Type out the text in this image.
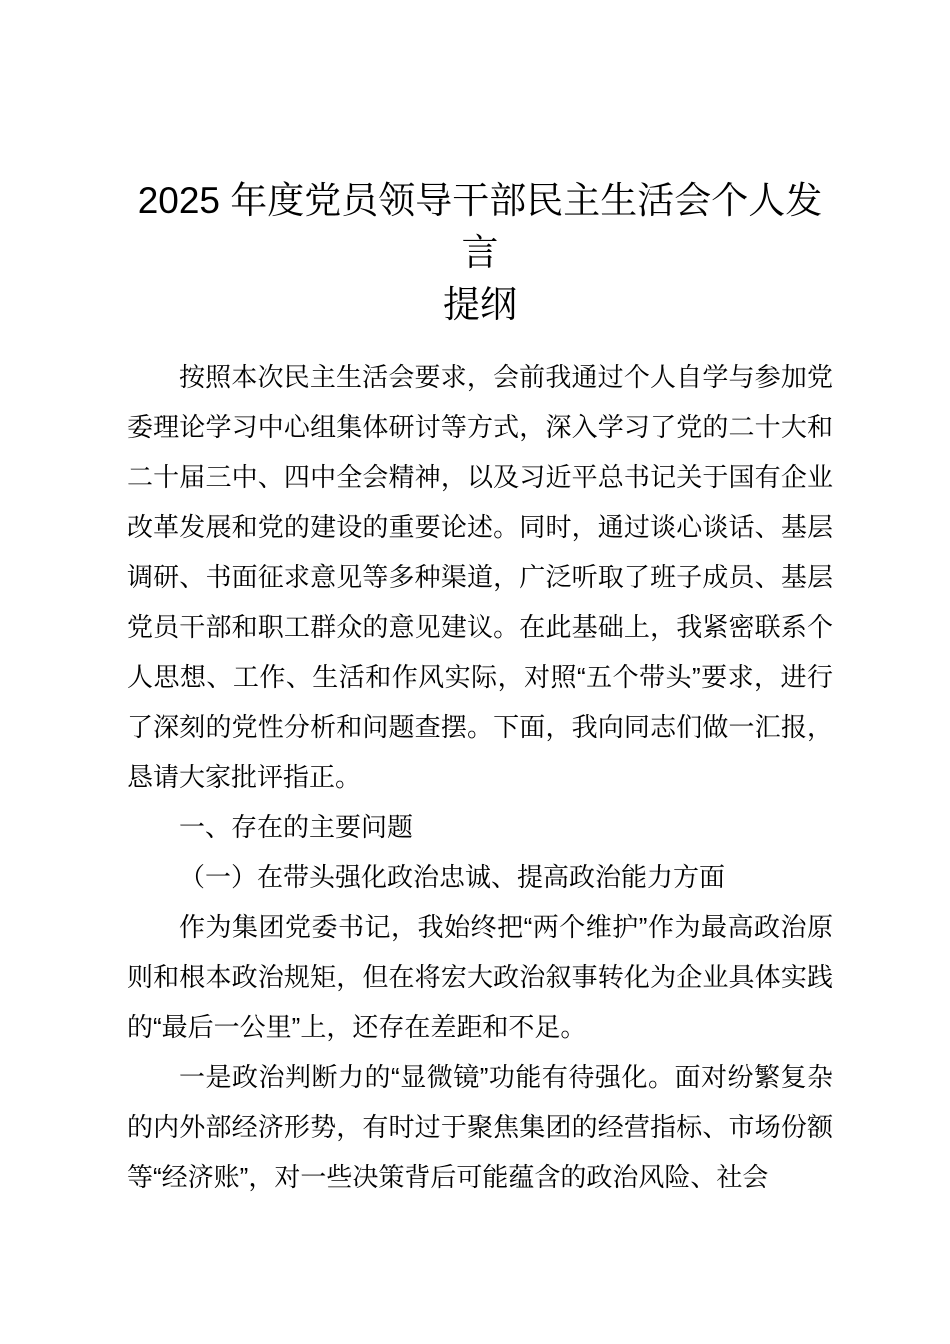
2025 年度党员领导干部民主生活会个人发言
提纲

按照本次民主生活会要求，会前我通过个人自学与参加党委理论学习中心组集体研讨等方式，深入学习了党的二十大和二十届三中、四中全会精神，以及习近平总书记关于国有企业改革发展和党的建设的重要论述。同时，通过谈心谈话、基层调研、书面征求意见等多种渠道，广泛听取了班子成员、基层党员干部和职工群众的意见建议。在此基础上，我紧密联系个人思想、工作、生活和作风实际，对照“五个带头”要求，进行了深刻的党性分析和问题查摆。下面，我向同志们做一汇报，恳请大家批评指正。

一、存在的主要问题

（一）在带头强化政治忠诚、提高政治能力方面

作为集团党委书记，我始终把“两个维护”作为最高政治原则和根本政治规矩，但在将宏大政治叙事转化为企业具体实践的“最后一公里”上，还存在差距和不足。

一是政治判断力的“显微镜”功能有待强化。面对纷繁复杂的内外部经济形势，有时过于聚焦集团的经营指标、市场份额等“经济账”，对一些决策背后可能蕴含的政治风险、社会
